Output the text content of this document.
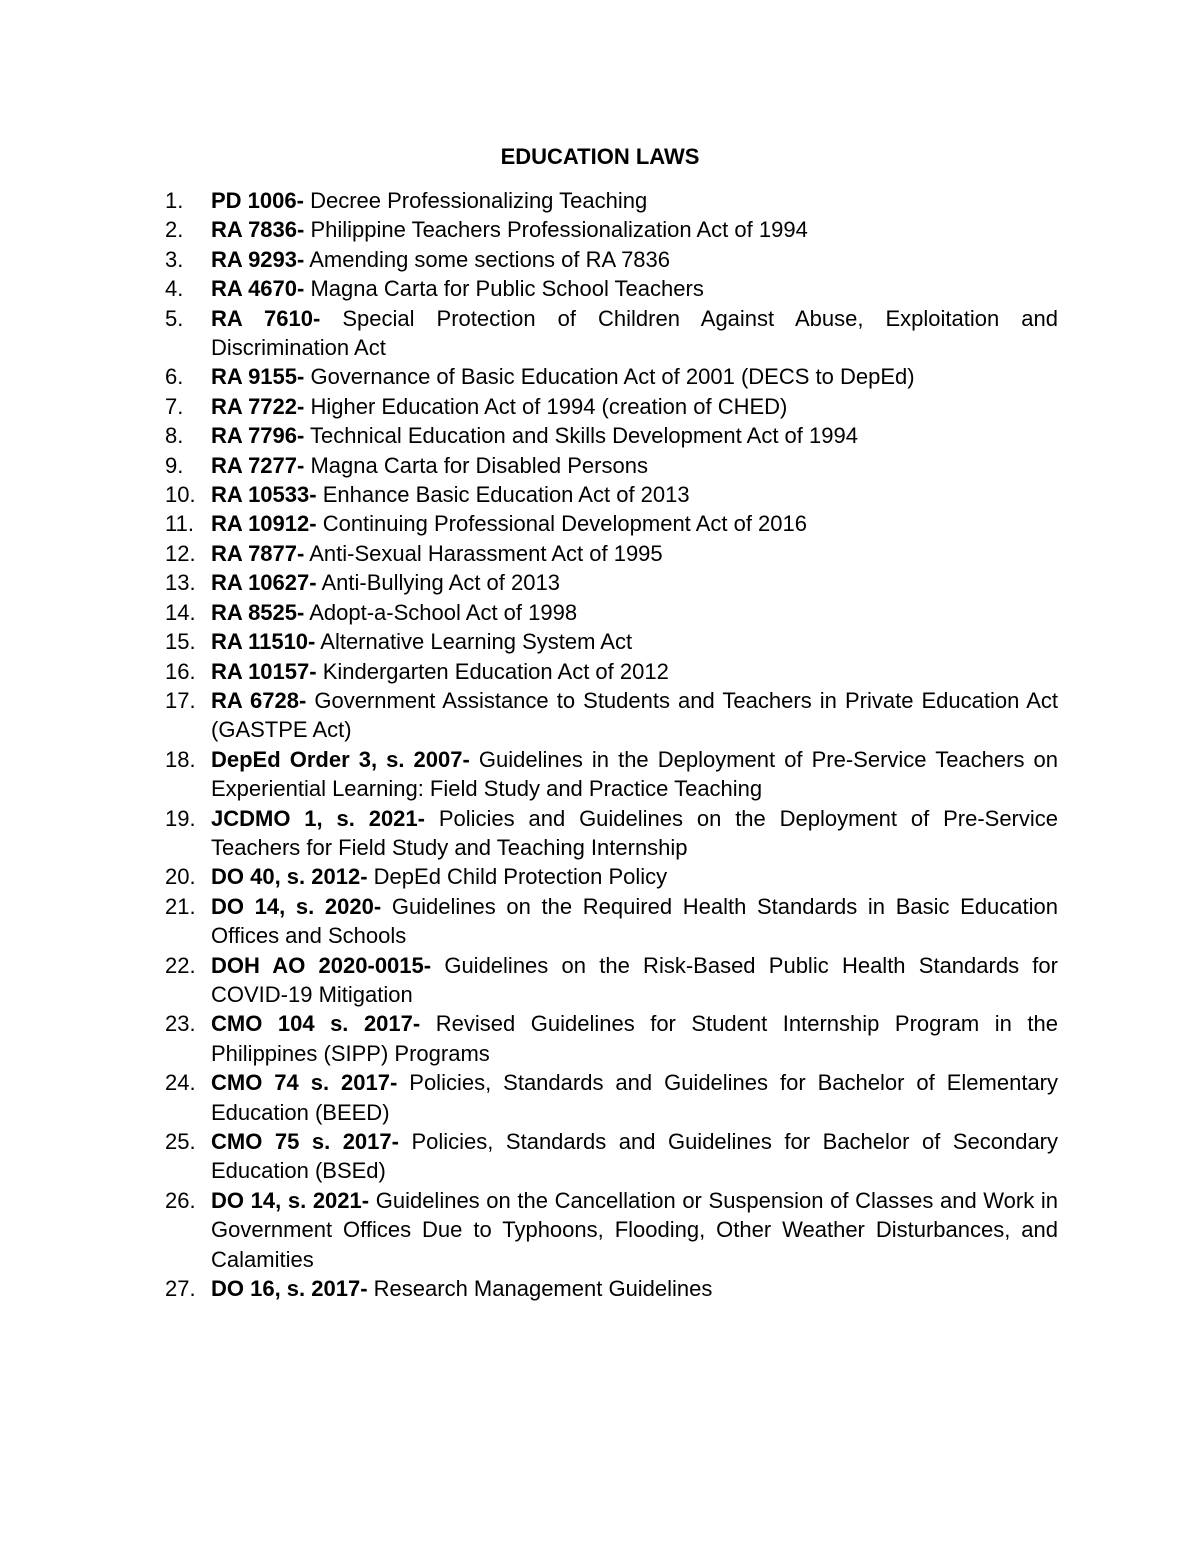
EDUCATION LAWS
1. PD 1006- Decree Professionalizing Teaching
2. RA 7836- Philippine Teachers Professionalization Act of 1994
3. RA 9293- Amending some sections of RA 7836
4. RA 4670- Magna Carta for Public School Teachers
5. RA 7610- Special Protection of Children Against Abuse, Exploitation and Discrimination Act
6. RA 9155- Governance of Basic Education Act of 2001 (DECS to DepEd)
7. RA 7722- Higher Education Act of 1994 (creation of CHED)
8. RA 7796- Technical Education and Skills Development Act of 1994
9. RA 7277- Magna Carta for Disabled Persons
10. RA 10533- Enhance Basic Education Act of 2013
11. RA 10912- Continuing Professional Development Act of 2016
12. RA 7877- Anti-Sexual Harassment Act of 1995
13. RA 10627- Anti-Bullying Act of 2013
14. RA 8525- Adopt-a-School Act of 1998
15. RA 11510- Alternative Learning System Act
16. RA 10157- Kindergarten Education Act of 2012
17. RA 6728- Government Assistance to Students and Teachers in Private Education Act (GASTPE Act)
18. DepEd Order 3, s. 2007- Guidelines in the Deployment of Pre-Service Teachers on Experiential Learning: Field Study and Practice Teaching
19. JCDMO 1, s. 2021- Policies and Guidelines on the Deployment of Pre-Service Teachers for Field Study and Teaching Internship
20. DO 40, s. 2012- DepEd Child Protection Policy
21. DO 14, s. 2020- Guidelines on the Required Health Standards in Basic Education Offices and Schools
22. DOH AO 2020-0015- Guidelines on the Risk-Based Public Health Standards for COVID-19 Mitigation
23. CMO 104 s. 2017- Revised Guidelines for Student Internship Program in the Philippines (SIPP) Programs
24. CMO 74 s. 2017- Policies, Standards and Guidelines for Bachelor of Elementary Education (BEED)
25. CMO 75 s. 2017- Policies, Standards and Guidelines for Bachelor of Secondary Education (BSEd)
26. DO 14, s. 2021- Guidelines on the Cancellation or Suspension of Classes and Work in Government Offices Due to Typhoons, Flooding, Other Weather Disturbances, and Calamities
27. DO 16, s. 2017- Research Management Guidelines
